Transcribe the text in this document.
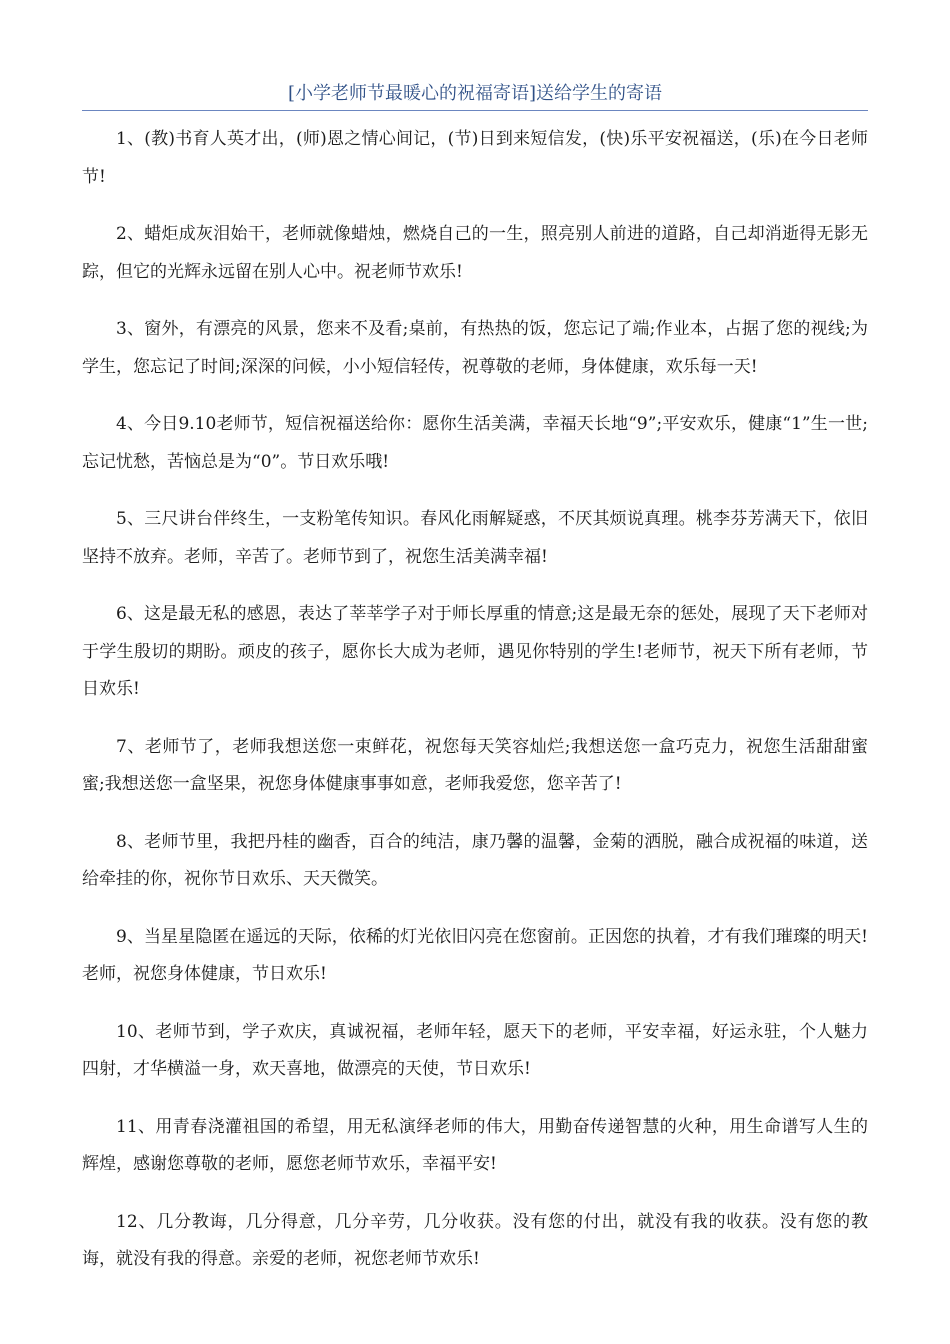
[小学老师节最暖心的祝福寄语]送给学生的寄语

1、(教)书育人英才出，(师)恩之情心间记，(节)日到来短信发，(快)乐平安祝福送，(乐)在今日老师节!

2、蜡炬成灰泪始干，老师就像蜡烛，燃烧自己的一生，照亮别人前进的道路，自己却消逝得无影无踪，但它的光辉永远留在别人心中。祝老师节欢乐!

3、窗外，有漂亮的风景，您来不及看;桌前，有热热的饭，您忘记了端;作业本，占据了您的视线;为学生，您忘记了时间;深深的问候，小小短信轻传，祝尊敬的老师，身体健康，欢乐每一天!

4、今日9.10老师节，短信祝福送给你：愿你生活美满，幸福天长地“9”;平安欢乐，健康“1”生一世;忘记忧愁，苦恼总是为“0”。节日欢乐哦!

5、三尺讲台伴终生，一支粉笔传知识。春风化雨解疑惑，不厌其烦说真理。桃李芬芳满天下，依旧坚持不放弃。老师，辛苦了。老师节到了，祝您生活美满幸福!

6、这是最无私的感恩，表达了莘莘学子对于师长厚重的情意;这是最无奈的惩处，展现了天下老师对于学生殷切的期盼。顽皮的孩子，愿你长大成为老师，遇见你特别的学生!老师节，祝天下所有老师，节日欢乐!

7、老师节了，老师我想送您一束鲜花，祝您每天笑容灿烂;我想送您一盒巧克力，祝您生活甜甜蜜蜜;我想送您一盒坚果，祝您身体健康事事如意，老师我爱您，您辛苦了!

8、老师节里，我把丹桂的幽香，百合的纯洁，康乃馨的温馨，金菊的洒脱，融合成祝福的味道，送给牵挂的你，祝你节日欢乐、天天微笑。

9、当星星隐匿在遥远的天际，依稀的灯光依旧闪亮在您窗前。正因您的执着，才有我们璀璨的明天!老师，祝您身体健康，节日欢乐!

10、老师节到，学子欢庆，真诚祝福，老师年轻，愿天下的老师，平安幸福，好运永驻，个人魅力四射，才华横溢一身，欢天喜地，做漂亮的天使，节日欢乐!

11、用青春浇灌祖国的希望，用无私演绎老师的伟大，用勤奋传递智慧的火种，用生命谱写人生的辉煌，感谢您尊敬的老师，愿您老师节欢乐，幸福平安!

12、几分教诲，几分得意，几分辛劳，几分收获。没有您的付出，就没有我的收获。没有您的教诲，就没有我的得意。亲爱的老师，祝您老师节欢乐!
